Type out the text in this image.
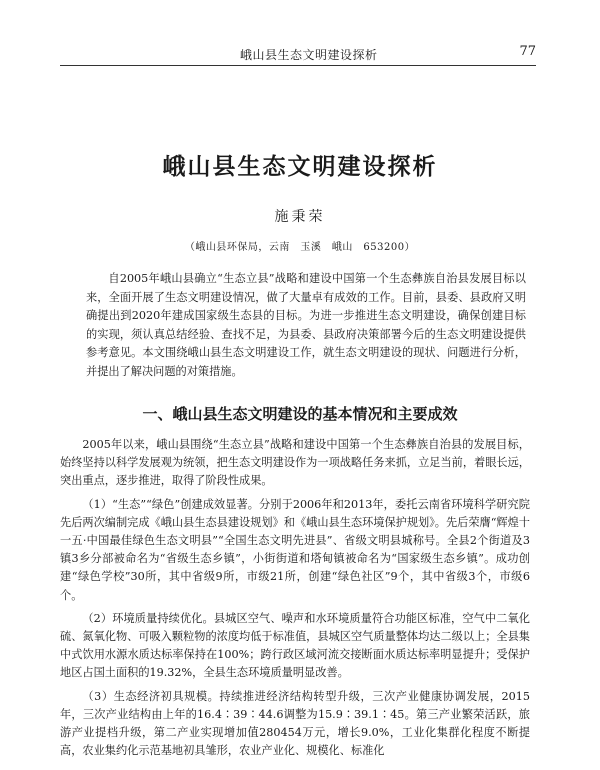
峨山县生态文明建设探析	77
峨山县生态文明建设探析
施秉荣
（峨山县环保局，云南　玉溪　峨山　653200）

自2005年峨山县确立“生态立县”战略和建设中国第一个生态彝族自治县发展目标以来，全面开展了生态文明建设情况，做了大量卓有成效的工作。目前，县委、县政府又明确提出到2020年建成国家级生态县的目标。为进一步推进生态文明建设，确保创建目标的实现，须认真总结经验、查找不足，为县委、县政府决策部署今后的生态文明建设提供参考意见。本文围绕峨山县生态文明建设工作，就生态文明建设的现状、问题进行分析，并提出了解决问题的对策措施。

一、峨山县生态文明建设的基本情况和主要成效

2005年以来，峨山县围绕“生态立县”战略和建设中国第一个生态彝族自治县的发展目标，始终坚持以科学发展观为统领，把生态文明建设作为一项战略任务来抓，立足当前，着眼长远，突出重点，逐步推进，取得了阶段性成果。

（1）“生态”“绿色”创建成效显著。分别于2006年和2013年，委托云南省环境科学研究院先后两次编制完成《峨山县生态县建设规划》和《峨山县生态环境保护规划》。先后荣膺“辉煌十一五·中国最佳绿色生态文明县”“全国生态文明先进县”、省级文明县城称号。全县2个街道及3镇3乡分部被命名为“省级生态乡镇”，小街街道和塔甸镇被命名为“国家级生态乡镇”。成功创建“绿色学校”30所，其中省级9所，市级21所，创建“绿色社区”9个，其中省级3个，市级6个。

（2）环境质量持续优化。县城区空气、噪声和水环境质量符合功能区标准，空气中二氧化硫、氮氧化物、可吸入颗粒物的浓度均低于标准值，县城区空气质量整体均达二级以上；全县集中式饮用水源水质达标率保持在100%；跨行政区域河流交接断面水质达标率明显提升；受保护地区占国土面积的19.32%，全县生态环境质量明显改善。

（3）生态经济初具规模。持续推进经济结构转型升级，三次产业健康协调发展，2015年，三次产业结构由上年的16.4∶39∶44.6调整为15.9∶39.1∶45。第三产业繁荣活跃，旅游产业提档升级，第二产业实现增加值280454万元，增长9.0%，工业化集群化程度不断提高，农业集约化示范基地初具雏形，农业产业化、规模化、标准化
